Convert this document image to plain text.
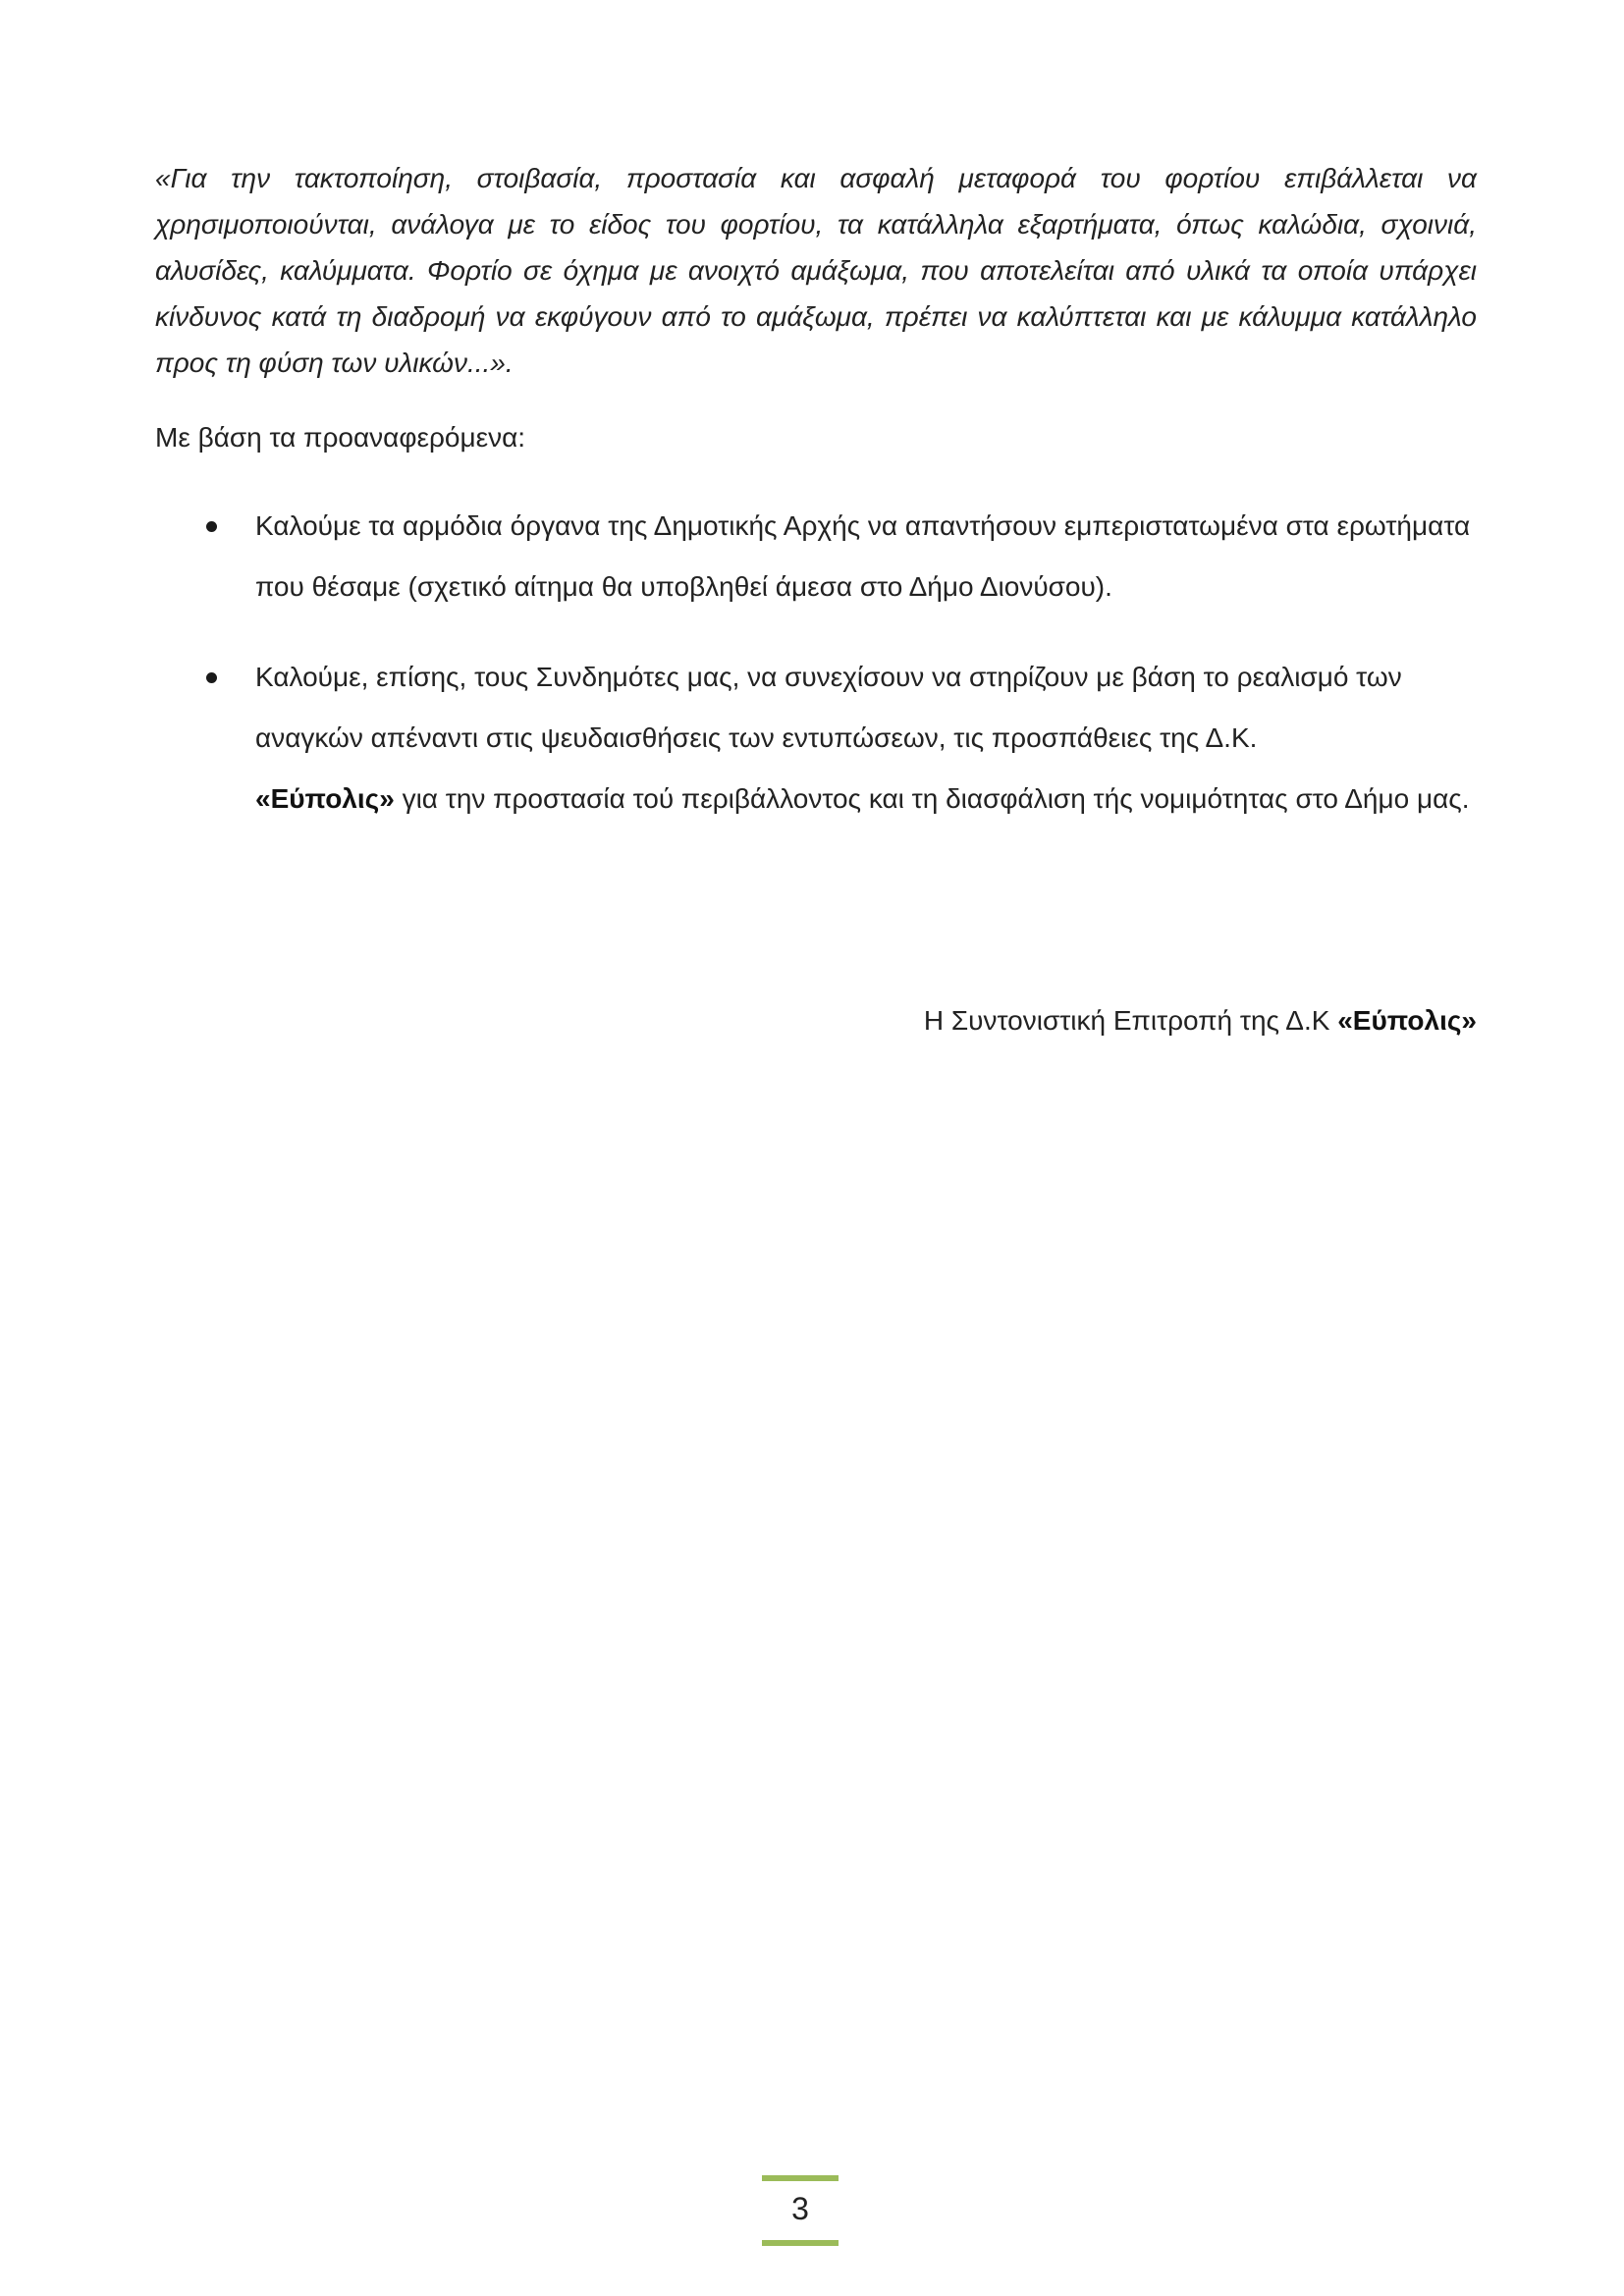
«Για την τακτοποίηση, στοιβασία, προστασία και ασφαλή μεταφορά του φορτίου επιβάλλεται να χρησιμοποιούνται, ανάλογα με το είδος του φορτίου, τα κατάλληλα εξαρτήματα, όπως καλώδια, σχοινιά, αλυσίδες, καλύμματα. Φορτίο σε όχημα με ανοιχτό αμάξωμα, που αποτελείται από υλικά τα οποία υπάρχει κίνδυνος κατά τη διαδρομή να εκφύγουν από το αμάξωμα, πρέπει να καλύπτεται και με κάλυμμα κατάλληλο προς τη φύση των υλικών...».

Με βάση τα προαναφερόμενα:

Καλούμε τα αρμόδια όργανα της Δημοτικής Αρχής να απαντήσουν εμπεριστατωμένα στα ερωτήματα που θέσαμε (σχετικό αίτημα θα υποβληθεί άμεσα στο Δήμο Διονύσου).
Καλούμε, επίσης, τους Συνδημότες μας, να συνεχίσουν να στηρίζουν με βάση το ρεαλισμό των αναγκών απέναντι στις ψευδαισθήσεις των εντυπώσεων, τις προσπάθειες της Δ.Κ.
«Εύπολις» για την προστασία τού περιβάλλοντος και τη διασφάλιση τής νομιμότητας στο Δήμο μας.

Η Συντονιστική Επιτροπή της Δ.Κ «Εύπολις»

3
